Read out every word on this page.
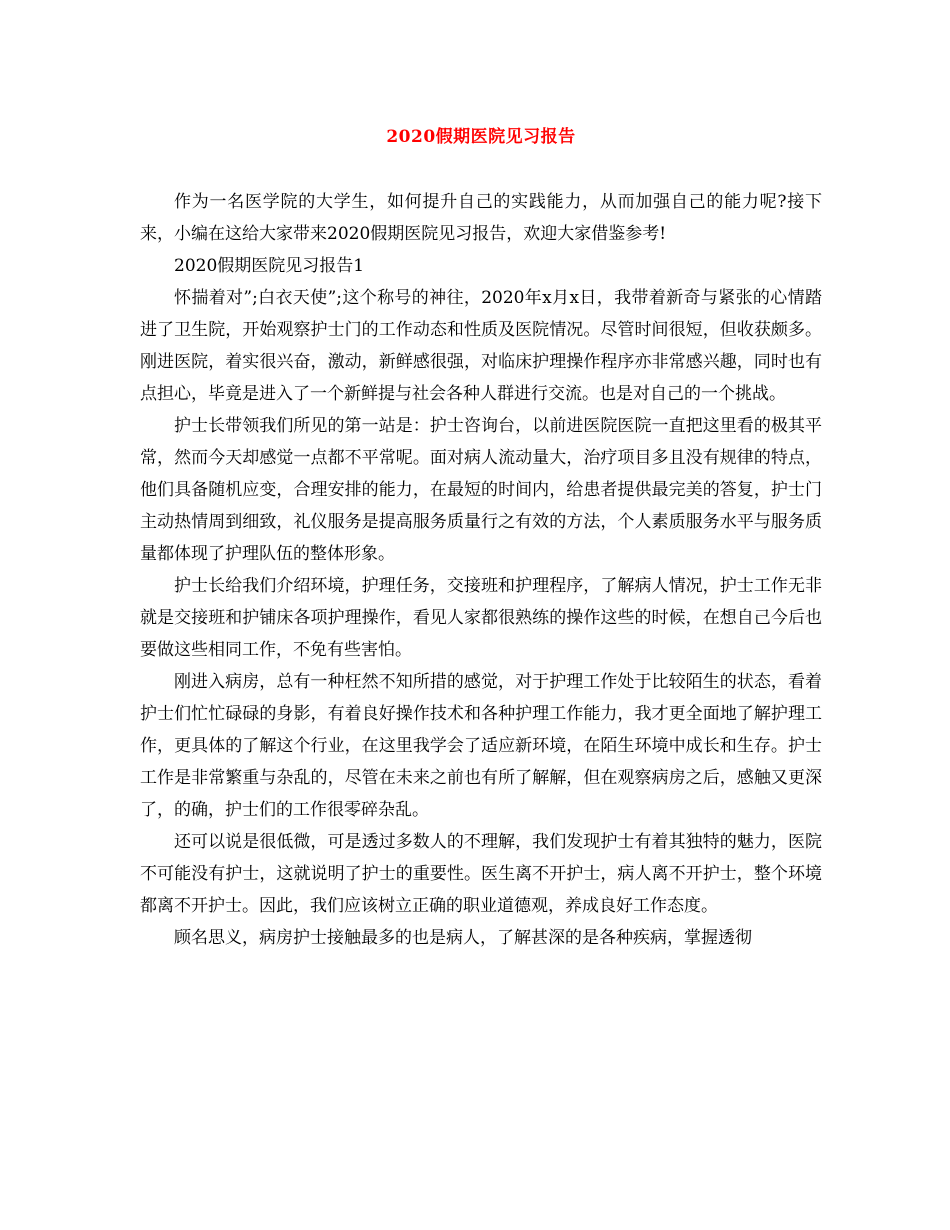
2020假期医院见习报告

作为一名医学院的大学生，如何提升自己的实践能力，从而加强自己的能力呢?接下来，小编在这给大家带来2020假期医院见习报告，欢迎大家借鉴参考!

2020假期医院见习报告1

怀揣着对”;白衣天使”;这个称号的神往，2020年x月x日，我带着新奇与紧张的心情踏进了卫生院，开始观察护士门的工作动态和性质及医院情况。尽管时间很短，但收获颇多。刚进医院，着实很兴奋，激动，新鲜感很强，对临床护理操作程序亦非常感兴趣，同时也有点担心，毕竟是进入了一个新鲜提与社会各种人群进行交流。也是对自己的一个挑战。

护士长带领我们所见的第一站是：护士咨询台，以前进医院医院一直把这里看的极其平常，然而今天却感觉一点都不平常呢。面对病人流动量大，治疗项目多且没有规律的特点，他们具备随机应变，合理安排的能力，在最短的时间内，给患者提供最完美的答复，护士门主动热情周到细致，礼仪服务是提高服务质量行之有效的方法，个人素质服务水平与服务质量都体现了护理队伍的整体形象。

护士长给我们介绍环境，护理任务，交接班和护理程序，了解病人情况，护士工作无非就是交接班和护铺床各项护理操作，看见人家都很熟练的操作这些的时候，在想自己今后也要做这些相同工作，不免有些害怕。

刚进入病房，总有一种枉然不知所措的感觉，对于护理工作处于比较陌生的状态，看着护士们忙忙碌碌的身影，有着良好操作技术和各种护理工作能力，我才更全面地了解护理工作，更具体的了解这个行业，在这里我学会了适应新环境，在陌生环境中成长和生存。护士工作是非常繁重与杂乱的，尽管在未来之前也有所了解解，但在观察病房之后，感触又更深了，的确，护士们的工作很零碎杂乱。

还可以说是很低微，可是透过多数人的不理解，我们发现护士有着其独特的魅力，医院不可能没有护士，这就说明了护士的重要性。医生离不开护士，病人离不开护士，整个环境都离不开护士。因此，我们应该树立正确的职业道德观，养成良好工作态度。

顾名思义，病房护士接触最多的也是病人，了解甚深的是各种疾病，掌握透彻
